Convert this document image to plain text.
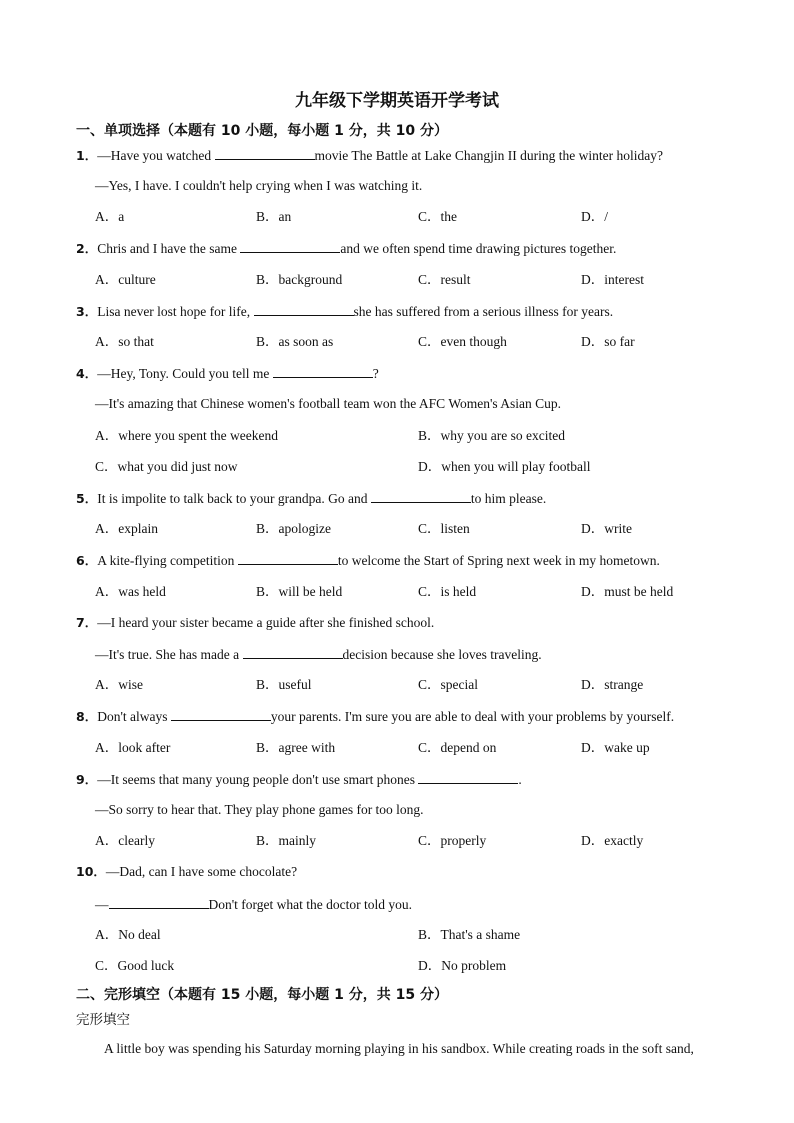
九年级下学期英语开学考试
一、单项选择（本题有 10 小题，每小题 1 分，共 10 分）
1．—Have you watched	movie The Battle at Lake Changjin II during the winter holiday?
—Yes, I have. I couldn't help crying when I was watching it.
A．a	B．an	C．the	D．/
2．Chris and I have the same	and we often spend time drawing pictures together.
A．culture	B．background	C．result	D．interest
3．Lisa never lost hope for life,	she has suffered from a serious illness for years.
A．so that	B．as soon as	C．even though	D．so far
4．—Hey, Tony. Could you tell me	?
—It's amazing that Chinese women's football team won the AFC Women's Asian Cup.
A．where you spent the weekend	B．why you are so excited
C．what you did just now	D．when you will play football
5．It is impolite to talk back to your grandpa. Go and	to him please.
A．explain	B．apologize	C．listen	D．write
6．A kite-flying competition	to welcome the Start of Spring next week in my hometown.
A．was held	B．will be held	C．is held	D．must be held
7．—I heard your sister became a guide after she finished school.
—It's true. She has made a	decision because she loves traveling.
A．wise	B．useful	C．special	D．strange
8．Don't always	your parents. I'm sure you are able to deal with your problems by yourself.
A．look after	B．agree with	C．depend on	D．wake up
9．—It seems that many young people don't use smart phones	.
—So sorry to hear that. They play phone games for too long.
A．clearly	B．mainly	C．properly	D．exactly
10．—Dad, can I have some chocolate?
—	Don't forget what the doctor told you.
A．No deal	B．That's a shame
C．Good luck	D．No problem
二、完形填空（本题有 15 小题，每小题 1 分，共 15 分）
完形填空
A little boy was spending his Saturday morning playing in his sandbox. While creating roads in the soft sand,
